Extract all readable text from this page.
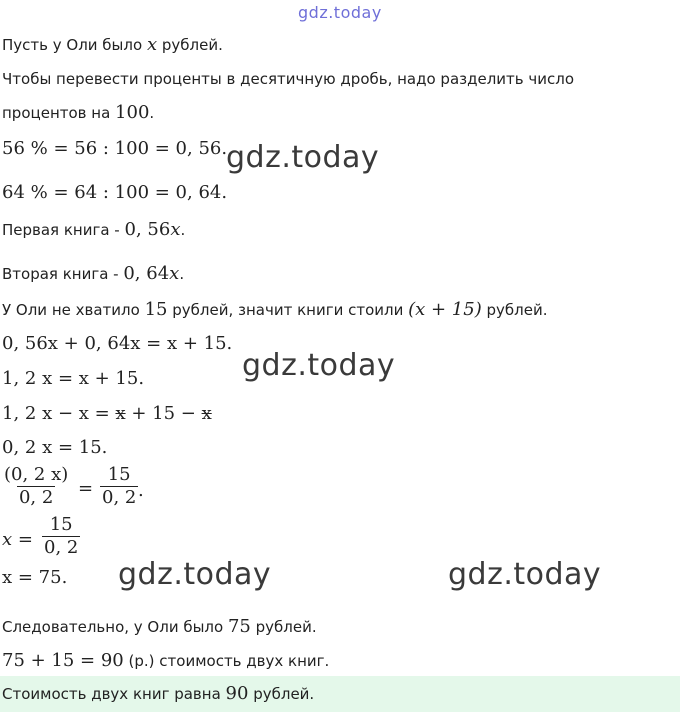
gdz.today
gdz.today
gdz.today
gdz.today	gdz.today
Пусть у Оли было x рублей.
Чтобы перевести проценты в десятичную дробь, надо разделить число
процентов на 100.
56 % = 56 : 100 = 0, 56.
64 % = 64 : 100 = 0, 64.
Первая книга - 0, 56x.
Вторая книга - 0, 64x.
У Оли не хватило 15 рублей, значит книги стоили (x + 15) рублей.
0, 56x + 0, 64x = x + 15.
1, 2 x = x + 15.
1, 2 x − x = x + 15 − x
0, 2 x = 15.
$\frac{(0, 2 x)}{0, 2} = \frac{15}{0, 2}$ .
$x = \frac{15}{0, 2}$
x = 75.
Следовательно, у Оли было 75 рублей.
75 + 15 = 90 (р.) стоимость двух книг.
Стоимость двух книг равна 90 рублей.
